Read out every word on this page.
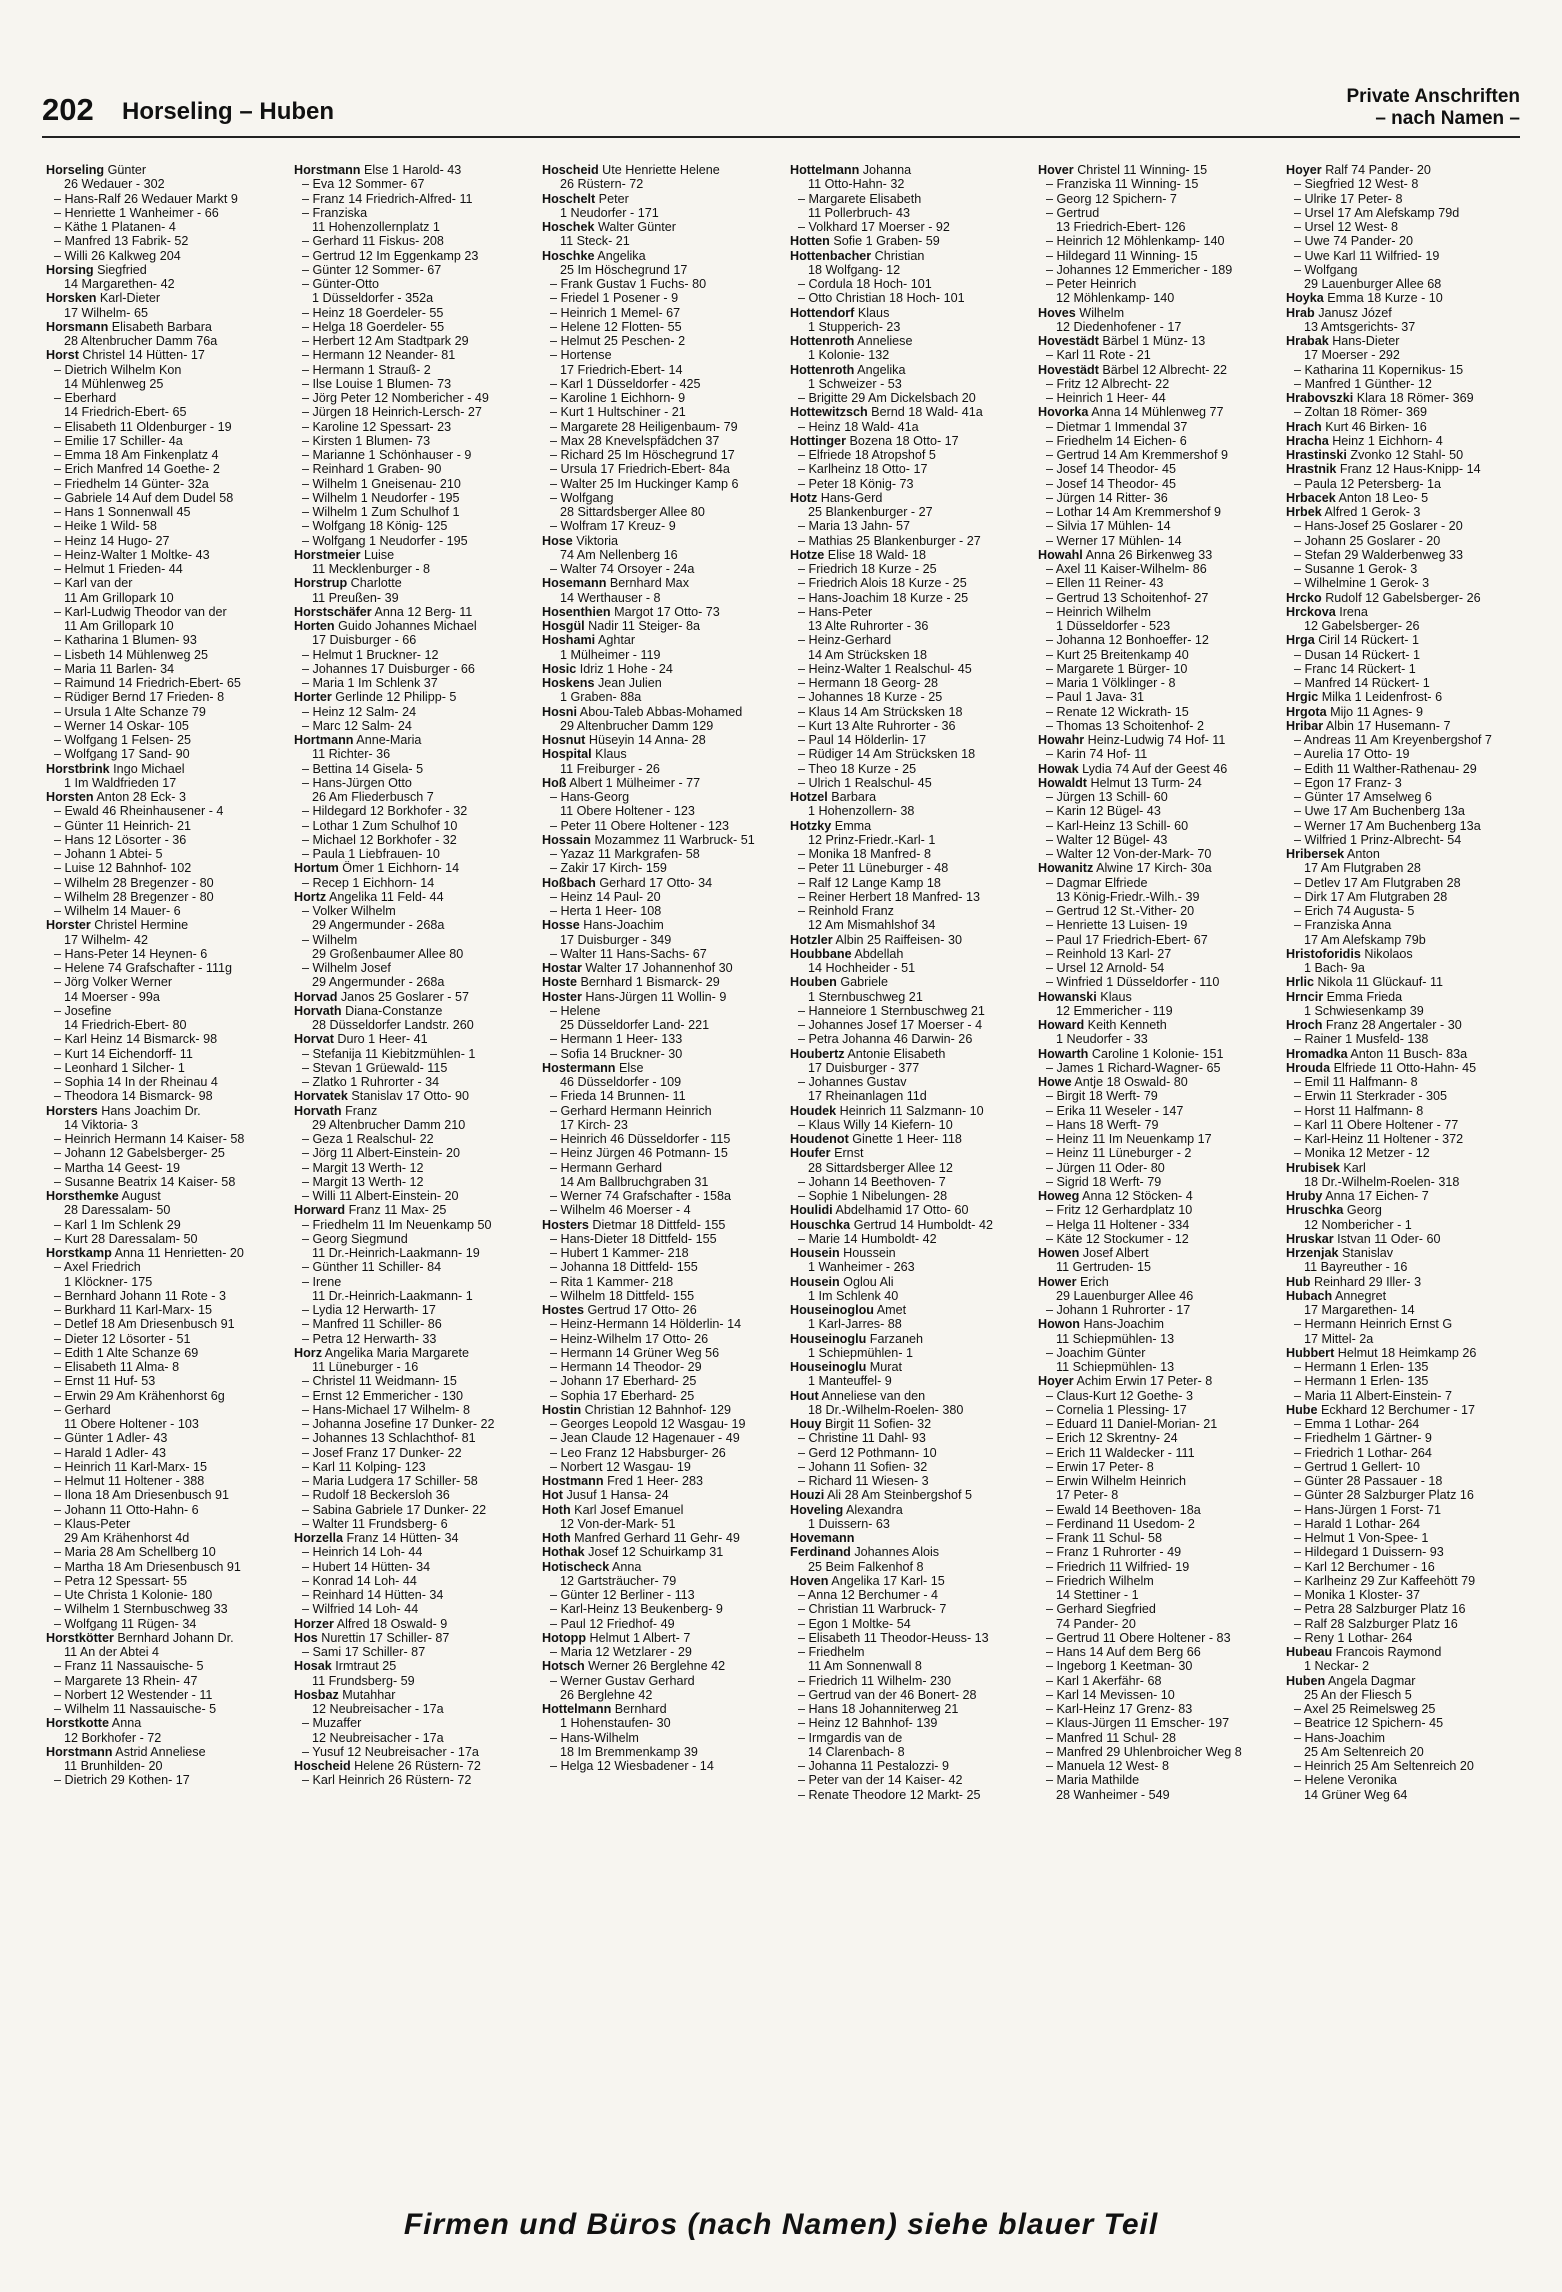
202 Horseling – Huben
Private Anschriften
– nach Namen –
Horseling Günter
26 Wedauer - 302
– Hans-Ralf 26 Wedauer Markt 9
– Henriette 1 Wanheimer - 66
– Käthe 1 Platanen- 4
– Manfred 13 Fabrik- 52
– Willi 26 Kalkweg 204
Horsing Siegfried
14 Margarethen- 42
Horsken Karl-Dieter
17 Wilhelm- 65
Horsmann Elisabeth Barbara
28 Altenbrucher Damm 76a
Horst Christel 14 Hütten- 17
– Dietrich Wilhelm Kon
14 Mühlenweg 25
– Eberhard
14 Friedrich-Ebert- 65
– Elisabeth 11 Oldenburger - 19
– Emilie 17 Schiller- 4a
– Emma 18 Am Finkenplatz 4
– Erich Manfred 14 Goethe- 2
– Friedhelm 14 Günter- 32a
– Gabriele 14 Auf dem Dudel 58
– Hans 1 Sonnenwall 45
– Heike 1 Wild- 58
– Heinz 14 Hugo- 27
– Heinz-Walter 1 Moltke- 43
– Helmut 1 Frieden- 44
– Karl van der
11 Am Grillopark 10
– Karl-Ludwig Theodor van der
11 Am Grillopark 10
– Katharina 1 Blumen- 93
– Lisbeth 14 Mühlenweg 25
– Maria 11 Barlen- 34
– Raimund 14 Friedrich-Ebert- 65
– Rüdiger Bernd 17 Frieden- 8
– Ursula 1 Alte Schanze 79
– Werner 14 Oskar- 105
– Wolfgang 1 Felsen- 25
– Wolfgang 17 Sand- 90
Horstbrink Ingo Michael
1 Im Waldfrieden 17
Horsten Anton 28 Eck- 3
– Ewald 46 Rheinhausener - 4
– Günter 11 Heinrich- 21
– Hans 12 Lösorter - 36
– Johann 1 Abtei- 5
– Luise 12 Bahnhof- 102
– Wilhelm 28 Bregenzer - 80
– Wilhelm 28 Bregenzer - 80
– Wilhelm 14 Mauer- 6
Horster Christel Hermine
17 Wilhelm- 42
– Hans-Peter 14 Heynen- 6
– Helene 74 Grafschafter - 111g
– Jörg Volker Werner
14 Moerser - 99a
– Josefine
14 Friedrich-Ebert- 80
– Karl Heinz 14 Bismarck- 98
– Kurt 14 Eichendorff- 11
– Leonhard 1 Silcher- 1
– Sophia 14 In der Rheinau 4
– Theodora 14 Bismarck- 98
Horsters Hans Joachim Dr.
14 Viktoria- 3
– Heinrich Hermann 14 Kaiser- 58
– Johann 12 Gabelsberger- 25
– Martha 14 Geest- 19
– Susanne Beatrix 14 Kaiser- 58
Horsthemke August
28 Daressalam- 50
– Karl 1 Im Schlenk 29
– Kurt 28 Daressalam- 50
Horstkamp Anna 11 Henrietten- 20
– Axel Friedrich
1 Klöckner- 175
– Bernhard Johann 11 Rote - 3
– Burkhard 11 Karl-Marx- 15
– Detlef 18 Am Driesenbusch 91
– Dieter 12 Lösorter - 51
– Edith 1 Alte Schanze 69
– Elisabeth 11 Alma- 8
– Ernst 11 Huf- 53
– Erwin 29 Am Krähenhorst 6g
– Gerhard
11 Obere Holtener - 103
– Günter 1 Adler- 43
– Harald 1 Adler- 43
– Heinrich 11 Karl-Marx- 15
– Helmut 11 Holtener - 388
– Ilona 18 Am Driesenbusch 91
– Johann 11 Otto-Hahn- 6
– Klaus-Peter
29 Am Krähenhorst 4d
– Maria 28 Am Schellberg 10
– Martha 18 Am Driesenbusch 91
– Petra 12 Spessart- 55
– Ute Christa 1 Kolonie- 180
– Wilhelm 1 Sternbuschweg 33
– Wolfgang 11 Rügen- 34
Horstkötter Bernhard Johann Dr.
11 An der Abtei 4
– Franz 11 Nassauische- 5
– Margarete 13 Rhein- 47
– Norbert 12 Westender - 11
– Wilhelm 11 Nassauische- 5
Horstkotte Anna
12 Borkhofer - 72
Horstmann Astrid Anneliese
11 Brunhilden- 20
– Dietrich 29 Kothen- 17
Horstmann Else 1 Harold- 43
– Eva 12 Sommer- 67
– Franz 14 Friedrich-Alfred- 11
– Franziska
11 Hohenzollernplatz 1
– Gerhard 11 Fiskus- 208
– Gertrud 12 Im Eggenkamp 23
– Günter 12 Sommer- 67
– Günter-Otto
1 Düsseldorfer - 352a
– Heinz 18 Goerdeler- 55
– Helga 18 Goerdeler- 55
– Herbert 12 Am Stadtpark 29
– Hermann 12 Neander- 81
– Hermann 1 Strauß- 2
– Ilse Louise 1 Blumen- 73
– Jörg Peter 12 Nombericher - 49
– Jürgen 18 Heinrich-Lersch- 27
– Karoline 12 Spessart- 23
– Kirsten 1 Blumen- 73
– Marianne 1 Schönhauser - 9
– Reinhard 1 Graben- 90
– Wilhelm 1 Gneisenau- 210
– Wilhelm 1 Neudorfer - 195
– Wilhelm 1 Zum Schulhof 1
– Wolfgang 18 König- 125
– Wolfgang 1 Neudorfer - 195
Horstmeier Luise
11 Mecklenburger - 8
Horstrup Charlotte
11 Preußen- 39
Horstschäfer Anna 12 Berg- 11
Horten Guido Johannes Michael
17 Duisburger - 66
– Helmut 1 Bruckner- 12
– Johannes 17 Duisburger - 66
– Maria 1 Im Schlenk 37
Horter Gerlinde 12 Philipp- 5
– Heinz 12 Salm- 24
– Marc 12 Salm- 24
Hortmann Anne-Maria
11 Richter- 36
– Bettina 14 Gisela- 5
– Hans-Jürgen Otto
26 Am Fliederbusch 7
– Hildegard 12 Borkhofer - 32
– Lothar 1 Zum Schulhof 10
– Michael 12 Borkhofer - 32
– Paula 1 Liebfrauen- 10
Hortum Ömer 1 Eichhorn- 14
– Recep 1 Eichhorn- 14
Hortz Angelika 11 Feld- 44
– Volker Wilhelm
29 Angermunder - 268a
– Wilhelm
29 Großenbaumer Allee 80
– Wilhelm Josef
29 Angermunder - 268a
Horvad Janos 25 Goslarer - 57
Horvath Diana-Constanze
28 Düsseldorfer Landstr. 260
Horvat Duro 1 Heer- 41
– Stefanija 11 Kiebitzmühlen- 1
– Stevan 1 Grüewald- 115
– Zlatko 1 Ruhrorter - 34
Horvatek Stanislav 17 Otto- 90
Horvath Franz
29 Altenbrucher Damm 210
– Geza 1 Realschul- 22
– Jörg 11 Albert-Einstein- 20
– Margit 13 Werth- 12
– Margit 13 Werth- 12
– Willi 11 Albert-Einstein- 20
Horward Franz 11 Max- 25
– Friedhelm 11 Im Neuenkamp 50
– Georg Siegmund
11 Dr.-Heinrich-Laakmann- 19
– Günther 11 Schiller- 84
– Irene
11 Dr.-Heinrich-Laakmann- 1
– Lydia 12 Herwarth- 17
– Manfred 11 Schiller- 86
– Petra 12 Herwarth- 33
Horz Angelika Maria Margarete
11 Lüneburger - 16
– Christel 11 Weidmann- 15
– Ernst 12 Emmericher - 130
– Hans-Michael 17 Wilhelm- 8
– Johanna Josefine 17 Dunker- 22
– Johannes 13 Schlachthof- 81
– Josef Franz 17 Dunker- 22
– Karl 11 Kolping- 123
– Maria Ludgera 17 Schiller- 58
– Rudolf 18 Beckersloh 36
– Sabina Gabriele 17 Dunker- 22
– Walter 11 Frundsberg- 6
Horzella Franz 14 Hütten- 34
– Heinrich 14 Loh- 44
– Hubert 14 Hütten- 34
– Konrad 14 Loh- 44
– Reinhard 14 Hütten- 34
– Wilfried 14 Loh- 44
Horzer Alfred 18 Oswald- 9
Hos Nurettin 17 Schiller- 87
– Sami 17 Schiller- 87
Hosak Irmtraut 25
11 Frundsberg- 59
Hosbaz Mutahhar
12 Neubreisacher - 17a
– Muzaffer
12 Neubreisacher - 17a
– Yusuf 12 Neubreisacher - 17a
Hoscheid Helene 26 Rüstern- 72
– Karl Heinrich 26 Rüstern- 72
Hoscheid Ute Henriette Helene
26 Rüstern- 72
Hoschelt Peter
1 Neudorfer - 171
Hoschek Walter Günter
11 Steck- 21
Hoschke Angelika
25 Im Höschegrund 17
– Frank Gustav 1 Fuchs- 80
– Friedel 1 Posener - 9
– Heinrich 1 Memel- 67
– Helene 12 Flotten- 55
– Helmut 25 Peschen- 2
– Hortense
17 Friedrich-Ebert- 14
– Karl 1 Düsseldorfer - 425
– Karoline 1 Eichhorn- 9
– Kurt 1 Hultschiner - 21
– Margarete 28 Heiligenbaum- 79
– Max 28 Knevelspfädchen 37
– Richard 25 Im Höschegrund 17
– Ursula 17 Friedrich-Ebert- 84a
– Walter 25 Im Huckinger Kamp 6
– Wolfgang
28 Sittardsberger Allee 80
– Wolfram 17 Kreuz- 9
Hose Viktoria
74 Am Nellenberg 16
– Walter 74 Orsoyer - 24a
Hosemann Bernhard Max
14 Werthauser - 8
Hosenthien Margot 17 Otto- 73
Hosgül Nadir 11 Steiger- 8a
Hoshami Aghtar
1 Mülheimer - 119
Hosic Idriz 1 Hohe - 24
Hoskens Jean Julien
1 Graben- 88a
Hosni Abou-Taleb Abbas-Mohamed
29 Altenbrucher Damm 129
Hosnut Hüseyin 14 Anna- 28
Hospital Klaus
11 Freiburger - 26
Hoß Albert 1 Mülheimer - 77
– Hans-Georg
11 Obere Holtener - 123
– Peter 11 Obere Holtener - 123
Hossain Mozammez 11 Warbruck- 51
– Yazaz 11 Markgrafen- 58
– Zakir 17 Kirch- 159
Hoßbach Gerhard 17 Otto- 34
– Heinz 14 Paul- 20
– Herta 1 Heer- 108
Hosse Hans-Joachim
17 Duisburger - 349
– Walter 11 Hans-Sachs- 67
Hostar Walter 17 Johannenhof 30
Hoste Bernhard 1 Bismarck- 29
Hoster Hans-Jürgen 11 Wollin- 9
– Helene
25 Düsseldorfer Land- 221
– Hermann 1 Heer- 133
– Sofia 14 Bruckner- 30
Hostermann Else
46 Düsseldorfer - 109
– Frieda 14 Brunnen- 11
– Gerhard Hermann Heinrich
17 Kirch- 23
– Heinrich 46 Düsseldorfer - 115
– Heinz Jürgen 46 Potmann- 15
– Hermann Gerhard
14 Am Ballbruchgraben 31
– Werner 74 Grafschafter - 158a
– Wilhelm 46 Moerser - 4
Hosters Dietmar 18 Dittfeld- 155
– Hans-Dieter 18 Dittfeld- 155
– Hubert 1 Kammer- 218
– Johanna 18 Dittfeld- 155
– Rita 1 Kammer- 218
– Wilhelm 18 Dittfeld- 155
Hostes Gertrud 17 Otto- 26
– Heinz-Hermann 14 Hölderlin- 14
– Heinz-Wilhelm 17 Otto- 26
– Hermann 14 Grüner Weg 56
– Hermann 14 Theodor- 29
– Johann 17 Eberhard- 25
– Sophia 17 Eberhard- 25
Hostin Christian 12 Bahnhof- 129
– Georges Leopold 12 Wasgau- 19
– Jean Claude 12 Hagenauer - 49
– Leo Franz 12 Habsburger- 26
– Norbert 12 Wasgau- 19
Hostmann Fred 1 Heer- 283
Hot Jusuf 1 Hansa- 24
Hoth Karl Josef Emanuel
12 Von-der-Mark- 51
Hoth Manfred Gerhard 11 Gehr- 49
Hothak Josef 12 Schuirkamp 31
Hotischeck Anna
12 Gartsträucher- 79
– Günter 12 Berliner - 113
– Karl-Heinz 13 Beukenberg- 9
– Paul 12 Friedhof- 49
Hotopp Helmut 1 Albert- 7
– Maria 12 Wetzlarer - 29
Hotsch Werner 26 Berglehne 42
– Werner Gustav Gerhard
26 Berglehne 42
Hottelmann Bernhard
1 Hohenstaufen- 30
– Hans-Wilhelm
18 Im Bremmenkamp 39
– Helga 12 Wiesbadener - 14
Hottelmann Johanna
11 Otto-Hahn- 32
– Margarete Elisabeth
11 Pollerbruch- 43
– Volkhard 17 Moerser - 92
Hotten Sofie 1 Graben- 59
Hottenbacher Christian
18 Wolfgang- 12
– Cordula 18 Hoch- 101
– Otto Christian 18 Hoch- 101
Hottendorf Klaus
1 Stupperich- 23
Hottenroth Anneliese
1 Kolonie- 132
Hottenroth Angelika
1 Schweizer - 53
– Brigitte 29 Am Dickelsbach 20
Hottewitzsch Bernd 18 Wald- 41a
– Heinz 18 Wald- 41a
Hottinger Bozena 18 Otto- 17
– Elfriede 18 Atropshof 5
– Karlheinz 18 Otto- 17
– Peter 18 König- 73
Hotz Hans-Gerd
25 Blankenburger - 27
– Maria 13 Jahn- 57
– Mathias 25 Blankenburger - 27
Hotze Elise 18 Wald- 18
– Friedrich 18 Kurze - 25
– Friedrich Alois 18 Kurze - 25
– Hans-Joachim 18 Kurze - 25
– Hans-Peter
13 Alte Ruhrorter - 36
– Heinz-Gerhard
14 Am Strücksken 18
– Heinz-Walter 1 Realschul- 45
– Hermann 18 Georg- 28
– Johannes 18 Kurze - 25
– Klaus 14 Am Strücksken 18
– Kurt 13 Alte Ruhrorter - 36
– Paul 14 Hölderlin- 17
– Rüdiger 14 Am Strücksken 18
– Theo 18 Kurze - 25
– Ulrich 1 Realschul- 45
Hotzel Barbara
1 Hohenzollern- 38
Hotzky Emma
12 Prinz-Friedr.-Karl- 1
– Monika 18 Manfred- 8
– Peter 11 Lüneburger - 48
– Ralf 12 Lange Kamp 18
– Reiner Herbert 18 Manfred- 13
– Reinhold Franz
12 Am Mismahlshof 34
Hotzler Albin 25 Raiffeisen- 30
Houbbane Abdellah
14 Hochheider - 51
Houben Gabriele
1 Sternbuschweg 21
– Hanneiore 1 Sternbuschweg 21
– Johannes Josef 17 Moerser - 4
– Petra Johanna 46 Darwin- 26
Houbertz Antonie Elisabeth
17 Duisburger - 377
– Johannes Gustav
17 Rheinanlagen 11d
Houdek Heinrich 11 Salzmann- 10
– Klaus Willy 14 Kiefern- 10
Houdenot Ginette 1 Heer- 118
Houfer Ernst
28 Sittardsberger Allee 12
– Johann 14 Beethoven- 7
– Sophie 1 Nibelungen- 28
Houlidi Abdelhamid 17 Otto- 60
Houschka Gertrud 14 Humboldt- 42
– Marie 14 Humboldt- 42
Housein Houssein
1 Wanheimer - 263
Housein Oglou Ali
1 Im Schlenk 40
Houseinoglou Amet
1 Karl-Jarres- 88
Houseinoglu Farzaneh
1 Schiepmühlen- 1
Houseinoglu Murat
1 Manteuffel- 9
Hout Anneliese van den
18 Dr.-Wilhelm-Roelen- 380
Houy Birgit 11 Sofien- 32
– Christine 11 Dahl- 93
– Gerd 12 Pothmann- 10
– Johann 11 Sofien- 32
– Richard 11 Wiesen- 3
Houzi Ali 28 Am Steinbergshof 5
Hoveling Alexandra
1 Duissern- 63
Hovemann
Ferdinand Johannes Alois
25 Beim Falkenhof 8
Hoven Angelika 17 Karl- 15
– Anna 12 Berchumer - 4
– Christian 11 Warbruck- 7
– Egon 1 Moltke- 54
– Elisabeth 11 Theodor-Heuss- 13
– Friedhelm
11 Am Sonnenwall 8
– Friedrich 11 Wilhelm- 230
– Gertrud van der 46 Bonert- 28
– Hans 18 Johanniterweg 21
– Heinz 12 Bahnhof- 139
– Irmgardis van de
14 Clarenbach- 8
– Johanna 11 Pestalozzi- 9
– Peter van der 14 Kaiser- 42
– Renate Theodore 12 Markt- 25
Hover Christel 11 Winning- 15
– Franziska 11 Winning- 15
– Georg 12 Spichern- 7
– Gertrud
13 Friedrich-Ebert- 126
– Heinrich 12 Möhlenkamp- 140
– Hildegard 11 Winning- 15
– Johannes 12 Emmericher - 189
– Peter Heinrich
12 Möhlenkamp- 140
Hoves Wilhelm
12 Diedenhofener - 17
Hovestädt Bärbel 1 Münz- 13
– Karl 11 Rote - 21
Hovestädt Bärbel 12 Albrecht- 22
– Fritz 12 Albrecht- 22
– Heinrich 1 Heer- 44
Hovorka Anna 14 Mühlenweg 77
– Dietmar 1 Immendal 37
– Friedhelm 14 Eichen- 6
– Gertrud 14 Am Kremmershof 9
– Josef 14 Theodor- 45
– Josef 14 Theodor- 45
– Jürgen 14 Ritter- 36
– Lothar 14 Am Kremmershof 9
– Silvia 17 Mühlen- 14
– Werner 17 Mühlen- 14
Howahl Anna 26 Birkenweg 33
– Axel 11 Kaiser-Wilhelm- 86
– Ellen 11 Reiner- 43
– Gertrud 13 Schoitenhof- 27
– Heinrich Wilhelm
1 Düsseldorfer - 523
– Johanna 12 Bonhoeffer- 12
– Kurt 25 Breitenkamp 40
– Margarete 1 Bürger- 10
– Maria 1 Völklinger - 8
– Paul 1 Java- 31
– Renate 12 Wickrath- 15
– Thomas 13 Schoitenhof- 2
Howahr Heinz-Ludwig 74 Hof- 11
– Karin 74 Hof- 11
Howak Lydia 74 Auf der Geest 46
Howaldt Helmut 13 Turm- 24
– Jürgen 13 Schill- 60
– Karin 12 Bügel- 43
– Karl-Heinz 13 Schill- 60
– Walter 12 Bügel- 43
– Walter 12 Von-der-Mark- 70
Howanitz Alwine 17 Kirch- 30a
– Dagmar Elfriede
13 König-Friedr.-Wilh.- 39
– Gertrud 12 St.-Vither- 20
– Henriette 13 Luisen- 19
– Paul 17 Friedrich-Ebert- 67
– Reinhold 13 Karl- 27
– Ursel 12 Arnold- 54
– Winfried 1 Düsseldorfer - 110
Howanski Klaus
12 Emmericher - 119
Howard Keith Kenneth
1 Neudorfer - 33
Howarth Caroline 1 Kolonie- 151
– James 1 Richard-Wagner- 65
Howe Antje 18 Oswald- 80
– Birgit 18 Werft- 79
– Erika 11 Weseler - 147
– Hans 18 Werft- 79
– Heinz 11 Im Neuenkamp 17
– Heinz 11 Lüneburger - 2
– Jürgen 11 Oder- 80
– Sigrid 18 Werft- 79
Howeg Anna 12 Stöcken- 4
– Fritz 12 Gerhardplatz 10
– Helga 11 Holtener - 334
– Käte 12 Stockumer - 12
Howen Josef Albert
11 Gertruden- 15
Hower Erich
29 Lauenburger Allee 46
– Johann 1 Ruhrorter - 17
Howon Hans-Joachim
11 Schiepmühlen- 13
– Joachim Günter
11 Schiepmühlen- 13
Hoyer Achim Erwin 17 Peter- 8
– Claus-Kurt 12 Goethe- 3
– Cornelia 1 Plessing- 17
– Eduard 11 Daniel-Morian- 21
– Erich 12 Skrentny- 24
– Erich 11 Waldecker - 111
– Erwin 17 Peter- 8
– Erwin Wilhelm Heinrich
17 Peter- 8
– Ewald 14 Beethoven- 18a
– Ferdinand 11 Usedom- 2
– Frank 11 Schul- 58
– Franz 1 Ruhrorter - 49
– Friedrich 11 Wilfried- 19
– Friedrich Wilhelm
14 Stettiner - 1
– Gerhard Siegfried
74 Pander- 20
– Gertrud 11 Obere Holtener - 83
– Hans 14 Auf dem Berg 66
– Ingeborg 1 Keetman- 30
– Karl 1 Akerfähr- 68
– Karl 14 Mevissen- 10
– Karl-Heinz 17 Grenz- 83
– Klaus-Jürgen 11 Emscher- 197
– Manfred 11 Schul- 28
– Manfred 29 Uhlenbroicher Weg 8
– Manuela 12 West- 8
– Maria Mathilde
28 Wanheimer - 549
Hoyer Ralf 74 Pander- 20
– Siegfried 12 West- 8
– Ulrike 17 Peter- 8
– Ursel 17 Am Alefskamp 79d
– Ursel 12 West- 8
– Uwe 74 Pander- 20
– Uwe Karl 11 Wilfried- 19
– Wolfgang
29 Lauenburger Allee 68
Hoyka Emma 18 Kurze - 10
Hrab Janusz Józef
13 Amtsgerichts- 37
Hrabak Hans-Dieter
17 Moerser - 292
– Katharina 11 Kopernikus- 15
– Manfred 1 Günther- 12
Hrabovszki Klara 18 Römer- 369
– Zoltan 18 Römer- 369
Hrach Kurt 46 Birken- 16
Hracha Heinz 1 Eichhorn- 4
Hrastinski Zvonko 12 Stahl- 50
Hrastnik Franz 12 Haus-Knipp- 14
– Paula 12 Petersberg- 1a
Hrbacek Anton 18 Leo- 5
Hrbek Alfred 1 Gerok- 3
– Hans-Josef 25 Goslarer - 20
– Johann 25 Goslarer - 20
– Stefan 29 Walderbenweg 33
– Susanne 1 Gerok- 3
– Wilhelmine 1 Gerok- 3
Hrcko Rudolf 12 Gabelsberger- 26
Hrckova Irena
12 Gabelsberger- 26
Hrga Ciril 14 Rückert- 1
– Dusan 14 Rückert- 1
– Franc 14 Rückert- 1
– Manfred 14 Rückert- 1
Hrgic Milka 1 Leidenfrost- 6
Hrgota Mijo 11 Agnes- 9
Hribar Albin 17 Husemann- 7
– Andreas 11 Am Kreyenbergshof 7
– Aurelia 17 Otto- 19
– Edith 11 Walther-Rathenau- 29
– Egon 17 Franz- 3
– Günter 17 Amselweg 6
– Uwe 17 Am Buchenberg 13a
– Werner 17 Am Buchenberg 13a
– Wilfried 1 Prinz-Albrecht- 54
Hribersek Anton
17 Am Flutgraben 28
– Detlev 17 Am Flutgraben 28
– Dirk 17 Am Flutgraben 28
– Erich 74 Augusta- 5
– Franziska Anna
17 Am Alefskamp 79b
Hristoforidis Nikolaos
1 Bach- 9a
Hrlic Nikola 11 Glückauf- 11
Hrncir Emma Frieda
1 Schwiesenkamp 39
Hroch Franz 28 Angertaler - 30
– Rainer 1 Musfeld- 138
Hromadka Anton 11 Busch- 83a
Hrouda Elfriede 11 Otto-Hahn- 45
– Emil 11 Halfmann- 8
– Erwin 11 Sterkrader - 305
– Horst 11 Halfmann- 8
– Karl 11 Obere Holtener - 77
– Karl-Heinz 11 Holtener - 372
– Monika 12 Metzer - 12
Hrubisek Karl
18 Dr.-Wilhelm-Roelen- 318
Hruby Anna 17 Eichen- 7
Hruschka Georg
12 Nombericher - 1
Hruskar Istvan 11 Oder- 60
Hrzenjak Stanislav
11 Bayreuther - 16
Hub Reinhard 29 Iller- 3
Hubach Annegret
17 Margarethen- 14
– Hermann Heinrich Ernst G
17 Mittel- 2a
Hubbert Helmut 18 Heimkamp 26
– Hermann 1 Erlen- 135
– Hermann 1 Erlen- 135
– Maria 11 Albert-Einstein- 7
Hube Eckhard 12 Berchumer - 17
– Emma 1 Lothar- 264
– Friedhelm 1 Gärtner- 9
– Friedrich 1 Lothar- 264
– Gertrud 1 Gellert- 10
– Günter 28 Passauer - 18
– Günter 28 Salzburger Platz 16
– Hans-Jürgen 1 Forst- 71
– Harald 1 Lothar- 264
– Helmut 1 Von-Spee- 1
– Hildegard 1 Duissern- 93
– Karl 12 Berchumer - 16
– Karlheinz 29 Zur Kaffeehött 79
– Monika 1 Kloster- 37
– Petra 28 Salzburger Platz 16
– Ralf 28 Salzburger Platz 16
– Reny 1 Lothar- 264
Hubeau Francois Raymond
1 Neckar- 2
Huben Angela Dagmar
25 An der Fliesch 5
– Axel 25 Reimelsweg 25
– Beatrice 12 Spichern- 45
– Hans-Joachim
25 Am Seltenreich 20
– Heinrich 25 Am Seltenreich 20
– Helene Veronika
14 Grüner Weg 64
Firmen und Büros (nach Namen) siehe blauer Teil
